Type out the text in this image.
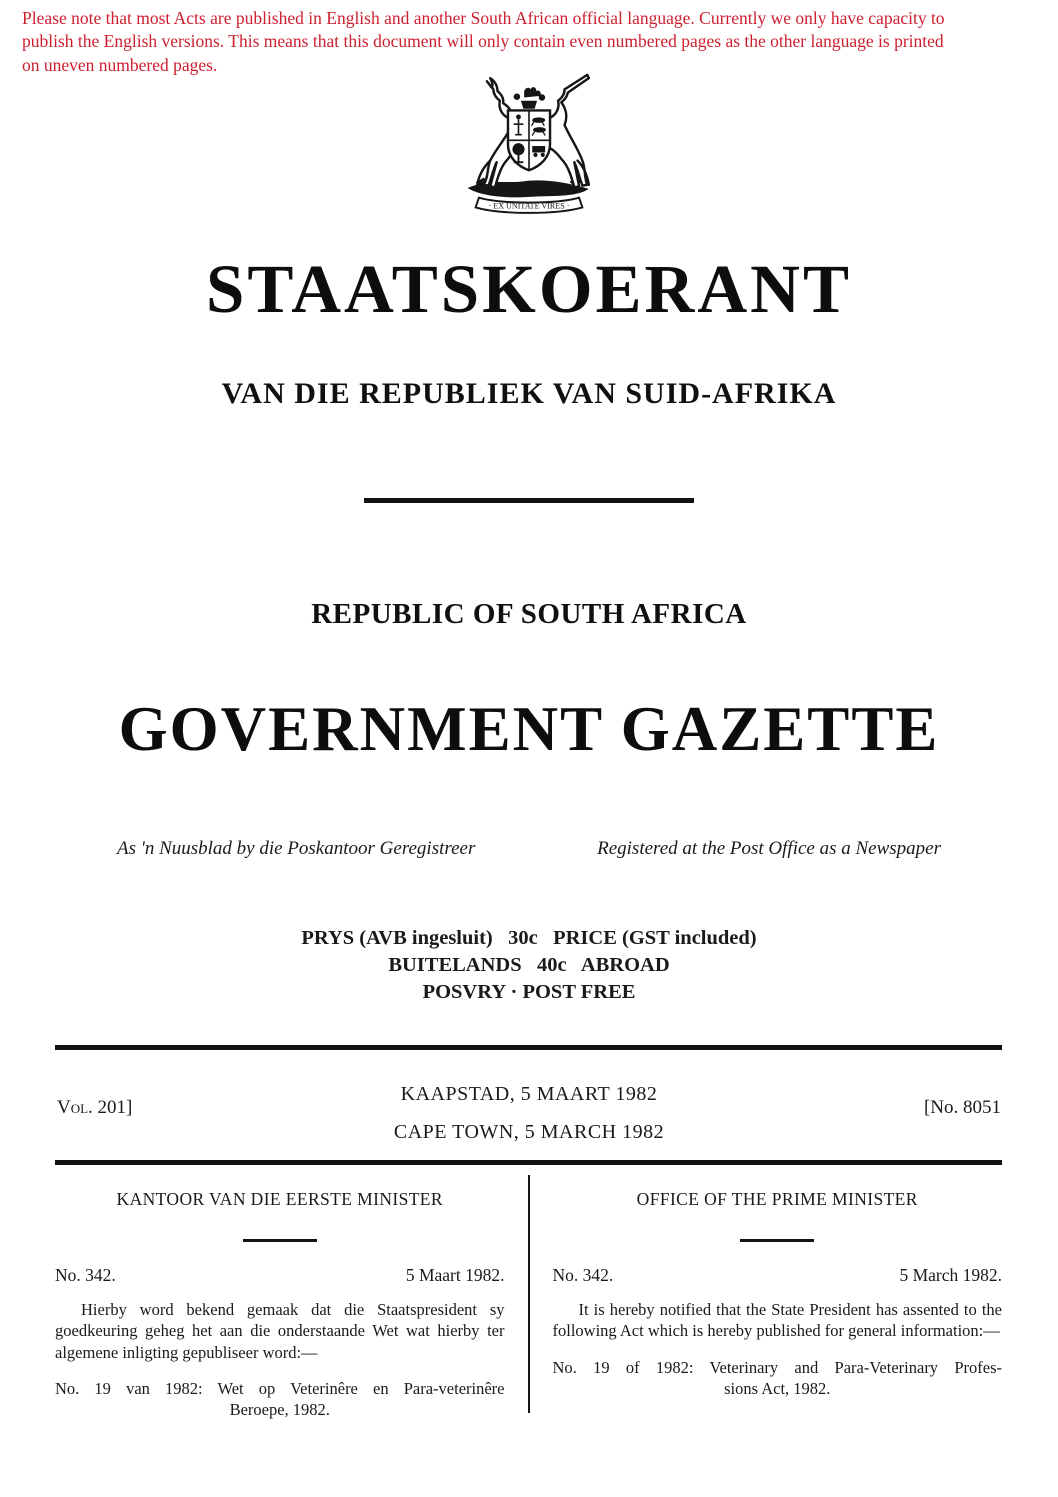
Please note that most Acts are published in English and another South African official language. Currently we only have capacity to
publish the English versions. This means that this document will only contain even numbered pages as the other language is printed
on uneven numbered pages.
· EX UNITATE VIRES ·
STAATSKOERANT
VAN DIE REPUBLIEK VAN SUID-AFRIKA
REPUBLIC OF SOUTH AFRICA
GOVERNMENT GAZETTE
As 'n Nuusblad by die Poskantoor Geregistreer	Registered at the Post Office as a Newspaper
PRYS (AVB ingesluit)   30c   PRICE (GST included)
BUITELANDS   40c   ABROAD
POSVRY · POST FREE
Vol. 201]
KAAPSTAD, 5 MAART 1982
CAPE TOWN, 5 MARCH 1982
[No. 8051
KANTOOR VAN DIE EERSTE MINISTER
No. 342.	5 Maart 1982.
Hierby word bekend gemaak dat die Staatspresident sy goedkeuring geheg het aan die onderstaande Wet wat hierby ter algemene inligting gepubliseer word:—
No. 19 van 1982: Wet op Veterinêre en Para-veterinêre
Beroepe, 1982.
OFFICE OF THE PRIME MINISTER
No. 342.	5 March 1982.
It is hereby notified that the State President has assented to the following Act which is hereby published for general information:—
No. 19 of 1982: Veterinary and Para-Veterinary Profes-
sions Act, 1982.
